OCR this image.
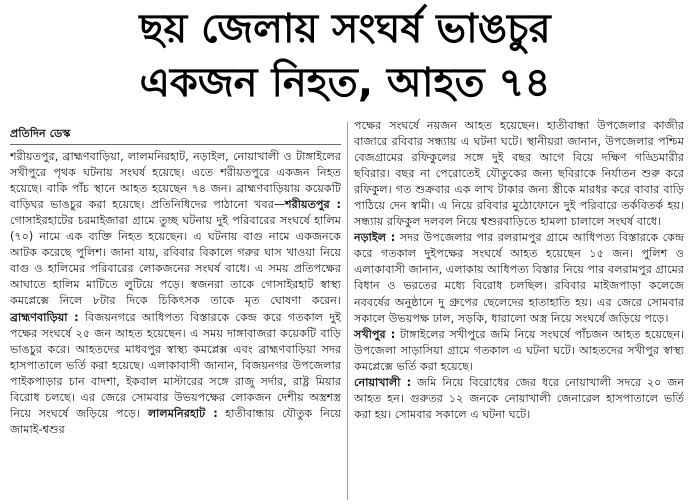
ছয় জেলায় সংঘর্ষ ভাঙচুর
একজন নিহত, আহত ৭৪
প্রতিদিন ডেস্ক

শরীয়তপুর, ব্রাহ্মণবাড়িয়া, লালমনিরহাট, নড়াইল, নোয়াখালী ও টাঙ্গাইলের সখীপুরে পৃথক ঘটনায় সংঘর্ষ হয়েছে। এতে শরীয়তপুরে একজন নিহত হয়েছে। বাকি পাঁচ স্থানে আহত হয়েছেন ৭৪ জন। ব্রাহ্মণবাড়িয়ায় কয়েকটি বাড়িঘর ভাঙচুর করা হয়েছে। প্রতিনিধিদের পাঠানো খবর—শরীয়তপুর : গোসাইরহাটের চরমাইজারা গ্রামে তুচ্ছ ঘটনায় দুই পরিবারের সংঘর্ষে হালিম (৭০) নামে এক ব্যক্তি নিহত হয়েছেন। এ ঘটনায় বাগু নামে একজনকে আটক করেছে পুলিশ। জানা যায়, রবিবার বিকালে গরুর ঘাস খাওয়া নিয়ে বাগু ও হালিমের পরিবারের লোকজনের সংঘর্ষ বাধে। এ সময় প্রতিপক্ষের আঘাতে হালিম মাটিতে লুটিয়ে পড়ে। স্বজনরা তাকে গোসাইরহাট স্বাস্থ্য কমপ্লেক্সে নিলে ৮টার দিকে চিকিৎসক তাকে মৃত ঘোষণা করেন। ব্রাহ্মণবাড়িয়া : বিজয়নগরে আধিপত্য বিস্তারকে কেন্দ্র করে গতকাল দুই পক্ষের সংঘর্ষে ২৫ জন আহত হয়েছেন। এ সময় দাঙ্গাবাজরা কয়েকটি বাড়ি ভাঙচুর করে। আহতদের মাধবপুর স্বাস্থ্য কমপ্লেক্স এবং ব্রাহ্মণবাড়িয়া সদর হাসপাতালে ভর্তি করা হয়েছে। এলাকাবাসী জানান, বিজয়নগর উপজেলার পাইকপাড়ার চান বাদশা, ইকবাল মাস্টারের সঙ্গে রাজু সর্দার, রাষ্ট্র মিয়ার বিরোধ চলছে। এর জেরে সোমবার উভয়পক্ষের লোকজন দেশীয় অস্ত্রশস্ত্র নিয়ে সংঘর্ষে জড়িয়ে পড়ে। লালমনিরহাট : হাতীবান্ধায় যৌতুক নিয়ে জামাই-শ্বশুর

পক্ষের সংঘর্ষে নয়জন আহত হয়েছেন। হাতীবান্ধা উপজেলার কাজীর বাজারে রবিবার সন্ধ্যায় এ ঘটনা ঘটে। স্থানীয়রা জানান, উপজেলার পশ্চিম বেজগ্রামের রফিকুলের সঙ্গে দুই বছর আগে বিয়ে দক্ষিণ গড্ডিমারীর ছবিরার। বছর না পেরোতেই যৌতুকের জন্য ছবিরাকে নির্যাতন শুরু করে রফিকুল। গত শুক্রবার এক লাখ টাকার জন্য স্ত্রীকে মারধর করে বাবার বাড়ি পাঠিয়ে দেন স্বামী। এ নিয়ে রবিবার মুঠোফোনে দুই পরিবারে তর্কবিতর্ক হয়। সন্ধ্যায় রফিকুল দলবল নিয়ে শ্বশুরবাড়িতে হামলা চালালে সংঘর্ষ বাধে।

নড়াইল : সদর উপজেলার পার রলরামপুর গ্রামে আধিপত্য বিস্তারকে কেন্দ্র করে গতকাল দুইপক্ষের সংঘর্ষে আহত হয়েছেন ১৫ জন। পুলিশ ও এলাকাবাসী জানান, এলাকায় আধিপত্য বিস্তার নিয়ে পার বলরামপুর গ্রামের বিধান ও ভরতের মধ্যে বিরোধ চলছিল। রবিবার মাইজপাড়া কলেজে নববর্ষের অনুষ্ঠানে দু গ্রুপের ছেলেদের হাতাহাতি হয়। এর জেরে সোমবার সকালে উভয়পক্ষ ঢাল, সড়কি, ধারালো অস্ত্র নিয়ে সংঘর্ষে জড়িয়ে পড়ে।

সখীপুর : টাঙ্গাইলের সখীপুরে জমি নিয়ে সংঘর্ষে পাঁচজন আহত হয়েছেন। উপজেলা সাড়াসিয়া গ্রামে গতকাল এ ঘটনা ঘটে। আহতদের সখীপুর স্বাস্থ্য কমপ্লেক্সে ভর্তি করা হয়েছে।

নোয়াখালী : জমি নিয়ে বিরোধের জের ধরে নোয়াখালী সদরে ২০ জন আহত হন। গুরুতর ১২ জনকে নোয়াখালী জেনারেল হাসপাতালে ভর্তি করা হয়। সোমবার সকালে এ ঘটনা ঘটে।
